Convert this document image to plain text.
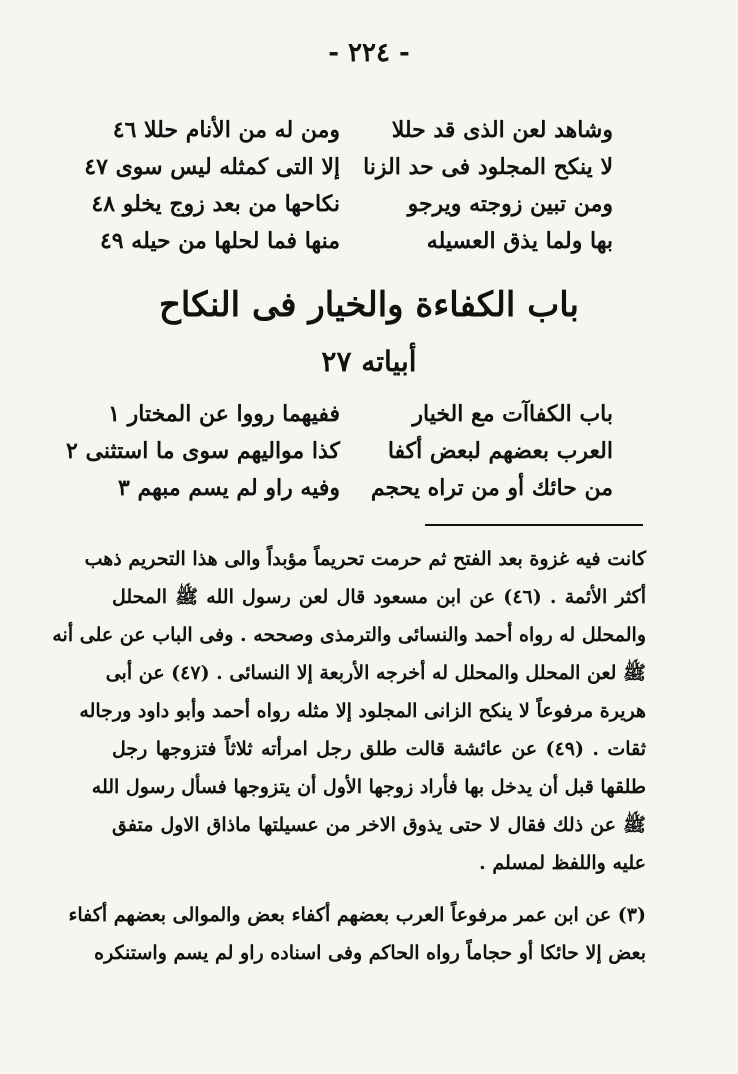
- ٢٢٤ -
وشاهد لعن الذى قد حللا
ومن له من الأنام حللا ٤٦
لا ينكح المجلود فى حد الزنا
إلا التى كمثله ليس سوى ٤٧
ومن تبين زوجته ويرجو
نكاحها من بعد زوج يخلو ٤٨
بها ولما يذق العسيله
منها فما لحلها من حيله ٤٩
باب الكفاءة والخيار فى النكاح
أبياته ٢٧
باب الكفاآت مع الخيار
ففيهما رووا عن المختار ١
العرب بعضهم لبعض أكفا
كذا مواليهم سوى ما استثنى ٢
من حائك أو من تراه يحجم
وفيه راو لم يسم مبهم ٣
كانت فيه غزوة بعد الفتح ثم حرمت تحريماً مؤبداً والى هذا التحريم ذهب
أكثر الأئمة . (٤٦) عن ابن مسعود قال لعن رسول الله ﷺ المحلل
والمحلل له رواه أحمد والنسائى والترمذى وصححه . وفى الباب عن على أنه
ﷺ لعن المحلل والمحلل له أخرجه الأربعة إلا النسائى . (٤٧) عن أبى
هريرة مرفوعاً لا ينكح الزانى المجلود إلا مثله رواه أحمد وأبو داود ورجاله
ثقات . (٤٩) عن عائشة قالت طلق رجل امرأته ثلاثاً فتزوجها رجل
طلقها قبل أن يدخل بها فأراد زوجها الأول أن يتزوجها فسأل رسول الله
ﷺ عن ذلك فقال لا حتى يذوق الاخر من عسيلتها ماذاق الاول متفق
عليه واللفظ لمسلم .
(٣) عن ابن عمر مرفوعاً العرب بعضهم أكفاء بعض والموالى بعضهم أكفاء
بعض إلا حائكا أو حجاماً رواه الحاكم وفى اسناده راو لم يسم واستنكره
